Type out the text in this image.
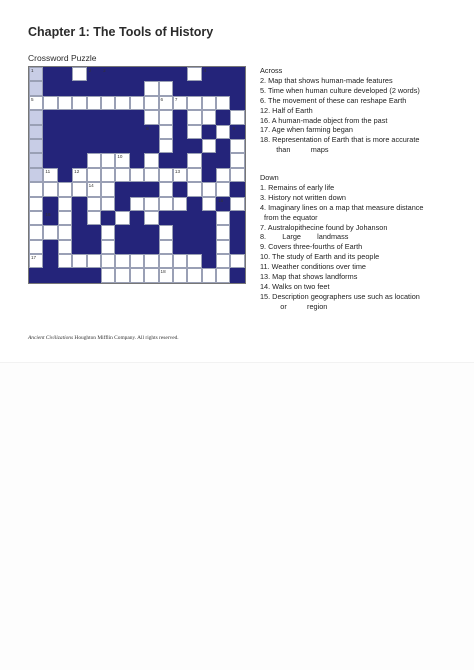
Chapter 1: The Tools of History
Crossword Puzzle
1	2	3	4
5	6	7
8	9
10
11	12	13
14
15
16
17
18
Across
2. Map that shows human-made features
5. Time when human culture developed (2 words)
6. The movement of these can reshape Earth
12. Half of Earth
16. A human-made object from the past
17. Age when farming began
18. Representation of Earth that is more accurate
than          maps
Down
1. Remains of early life
3. History not written down
4. Imaginary lines on a map that measure distance
from the equator
7. Australopithecine found by Johanson
8.        Large        landmass
9. Covers three-fourths of Earth
10. The study of Earth and its people
11. Weather conditions over time
13. Map that shows landforms
14. Walks on two feet
15. Description geographers use such as location
or          region
Ancient Civilizations Houghton Mifflin Company. All rights reserved.
